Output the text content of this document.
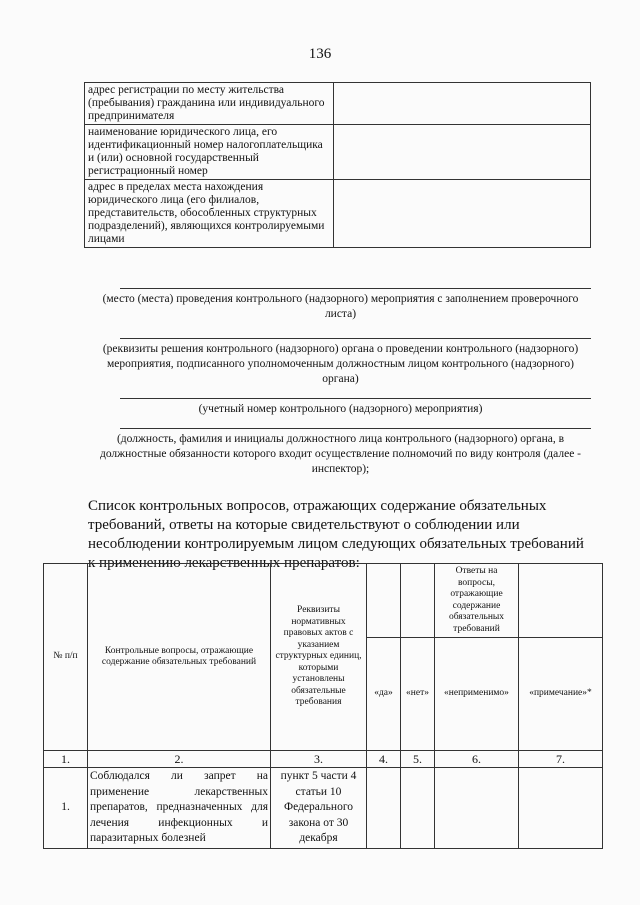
136
адрес регистрации по месту жительства (пребывания) гражданина или индивидуального предпринимателя	
наименование юридического лица, его идентификационный номер налогоплательщика и (или) основной государственный регистрационный номер	
адрес в пределах места нахождения юридического лица (его филиалов, представительств, обособленных структурных подразделений), являющихся контролируемыми лицами	
(место (места) проведения контрольного (надзорного) мероприятия с заполнением проверочного листа)
(реквизиты решения контрольного (надзорного) органа о проведении контрольного (надзорного) мероприятия, подписанного уполномоченным должностным лицом контрольного (надзорного) органа)
(учетный номер контрольного (надзорного) мероприятия)
(должность, фамилия и инициалы должностного лица контрольного (надзорного) органа, в должностные обязанности которого входит осуществление полномочий по виду контроля (далее - инспектор);
Список контрольных вопросов, отражающих содержание обязательных требований, ответы на которые свидетельствуют о соблюдении или несоблюдении контролируемым лицом следующих обязательных требований к применению лекарственных препаратов:
№ п/п	Контрольные вопросы, отражающие содержание обязательных требований	Реквизиты нормативных правовых актов с указанием структурных единиц, которыми установлены обязательные требования			Ответы на вопросы, отражающие содержание обязательных требований	
			«да»	«нет»	«неприменимо»	«примечание»*
1.	2.	3.	4.	5.	6.	7.
1.	Соблюдался ли запрет на применение лекарственных препаратов, предназначенных для лечения инфекционных и паразитарных болезней	пункт 5 части 4 статьи 10 Федерального закона от 30 декабря				
